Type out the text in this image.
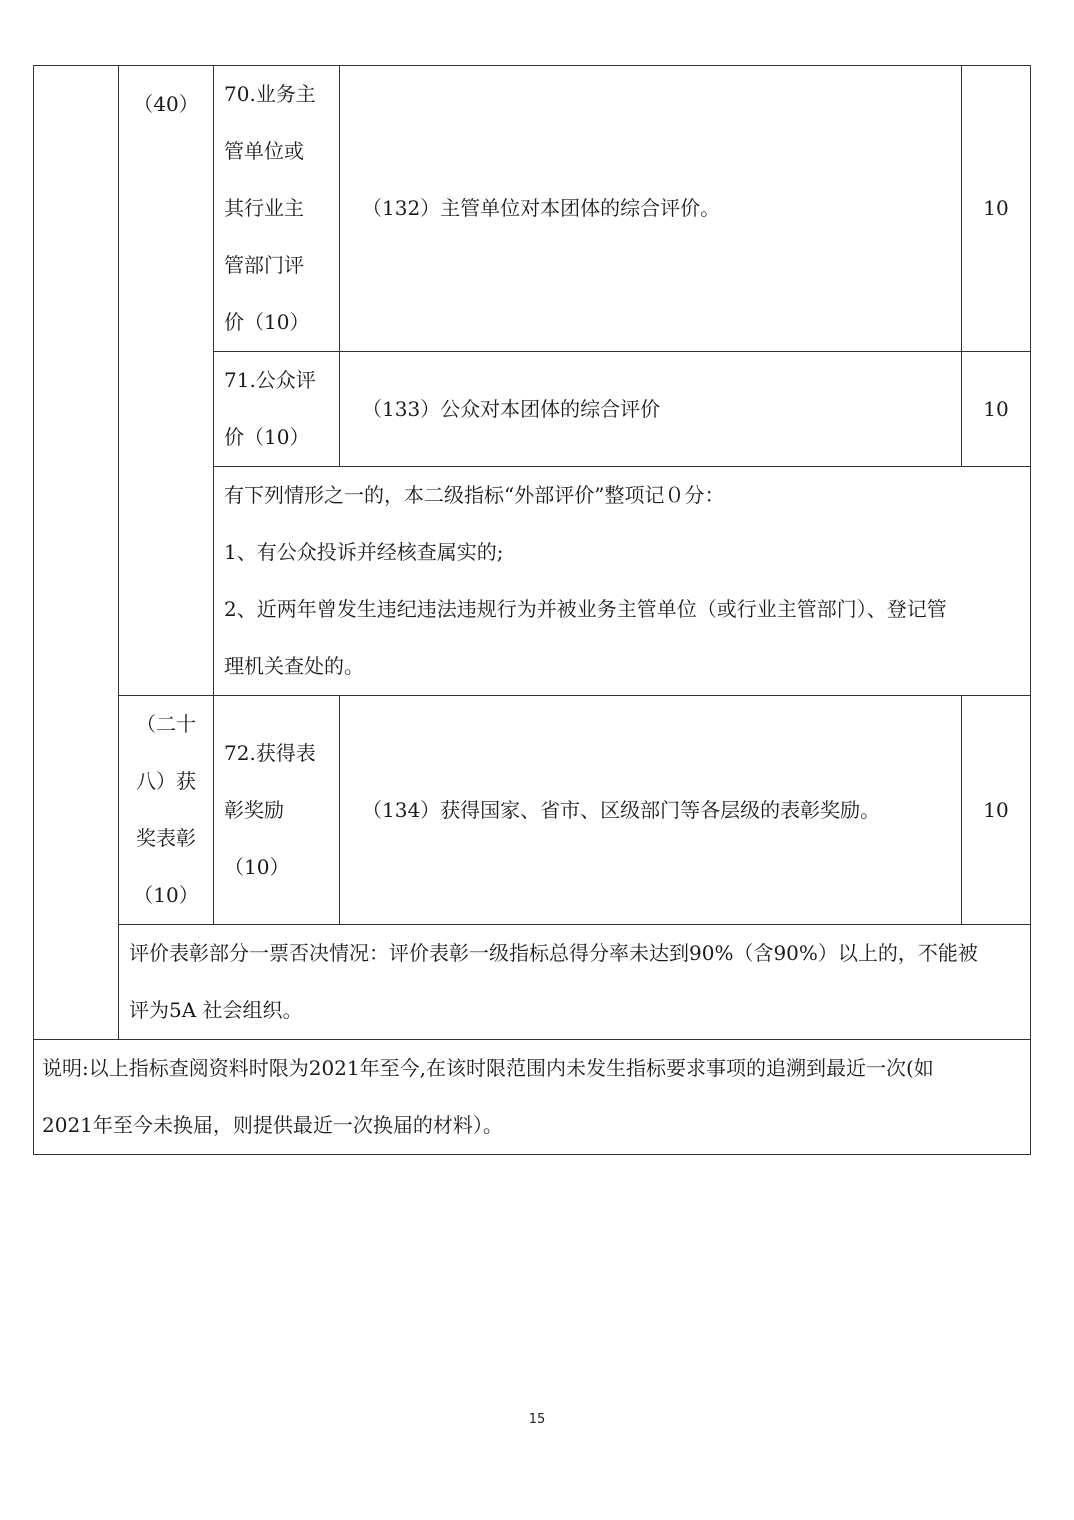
	（40）	70.业务主
管单位或
其行业主
管部门评
价（10）	（132）主管单位对本团体的综合评价。	10

		71.公众评
价（10）	（133）公众对本团体的综合评价	10

		有下列情形之一的，本二级指标“外部评价”整项记０分：
1、有公众投诉并经核查属实的;
2、近两年曾发生违纪违法违规行为并被业务主管单位（或行业主管部门）、登记管
理机关查处的。		

	（二十
八）获
奖表彰
（10）	72.获得表
彰奖励
（10）	（134）获得国家、省市、区级部门等各层级的表彰奖励。	10

	评价表彰部分一票否决情况：评价表彰一级指标总得分率未达到90%（含90%）以上的，不能被
评为5A 社会组织。			

说明:以上指标查阅资料时限为2021年至今,在该时限范围内未发生指标要求事项的追溯到最近一次(如
2021年至今未换届，则提供最近一次换届的材料）。				
15
